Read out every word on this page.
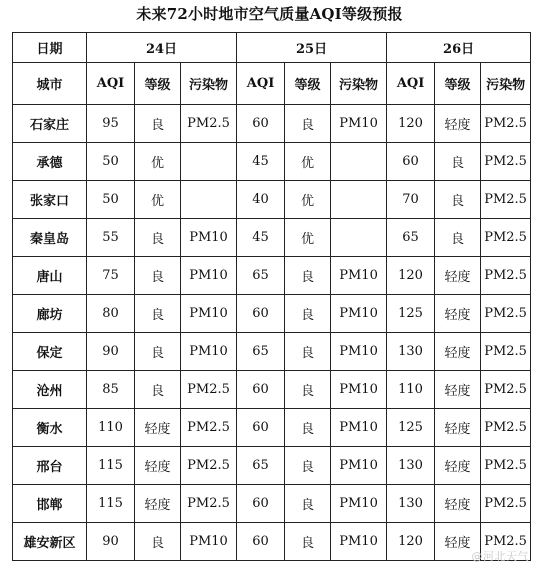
未来72小时地市空气质量AQI等级预报
日期	24日			25日			26日		
城市	AQI	等级	污染物	AQI	等级	污染物	AQI	等级	污染物
石家庄	95	良	PM2.5	60	良	PM10	120	轻度	PM2.5
承德	50	优		45	优		60	良	PM2.5
张家口	50	优		40	优		70	良	PM2.5
秦皇岛	55	良	PM10	45	优		65	良	PM2.5
唐山	75	良	PM10	65	良	PM10	120	轻度	PM2.5
廊坊	80	良	PM10	60	良	PM10	125	轻度	PM2.5
保定	90	良	PM10	65	良	PM10	130	轻度	PM2.5
沧州	85	良	PM2.5	60	良	PM10	110	轻度	PM2.5
衡水	110	轻度	PM2.5	60	良	PM10	125	轻度	PM2.5
邢台	115	轻度	PM2.5	65	良	PM10	130	轻度	PM2.5
邯郸	115	轻度	PM2.5	60	良	PM10	130	轻度	PM2.5
雄安新区	90	良	PM10	60	良	PM10	120	轻度	PM2.5
@河北天气
